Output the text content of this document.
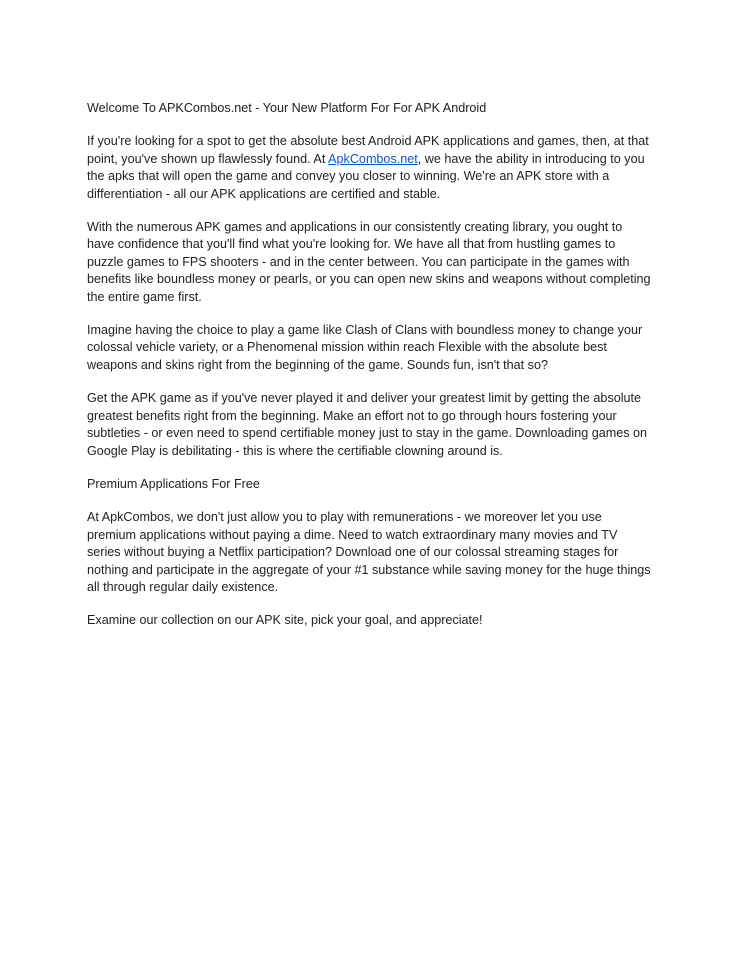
Welcome To APKCombos.net - Your New Platform For For APK Android

If you're looking for a spot to get the absolute best Android APK applications and games, then, at that point, you've shown up flawlessly found. At ApkCombos.net, we have the ability in introducing to you the apks that will open the game and convey you closer to winning. We're an APK store with a differentiation - all our APK applications are certified and stable.

With the numerous APK games and applications in our consistently creating library, you ought to have confidence that you'll find what you're looking for. We have all that from hustling games to puzzle games to FPS shooters - and in the center between. You can participate in the games with benefits like boundless money or pearls, or you can open new skins and weapons without completing the entire game first.

Imagine having the choice to play a game like Clash of Clans with boundless money to change your colossal vehicle variety, or a Phenomenal mission within reach Flexible with the absolute best weapons and skins right from the beginning of the game. Sounds fun, isn't that so?

Get the APK game as if you've never played it and deliver your greatest limit by getting the absolute greatest benefits right from the beginning. Make an effort not to go through hours fostering your subtleties - or even need to spend certifiable money just to stay in the game. Downloading games on Google Play is debilitating - this is where the certifiable clowning around is.

Premium Applications For Free

At ApkCombos, we don't just allow you to play with remunerations - we moreover let you use premium applications without paying a dime. Need to watch extraordinary many movies and TV series without buying a Netflix participation? Download one of our colossal streaming stages for nothing and participate in the aggregate of your #1 substance while saving money for the huge things all through regular daily existence.

Examine our collection on our APK site, pick your goal, and appreciate!
